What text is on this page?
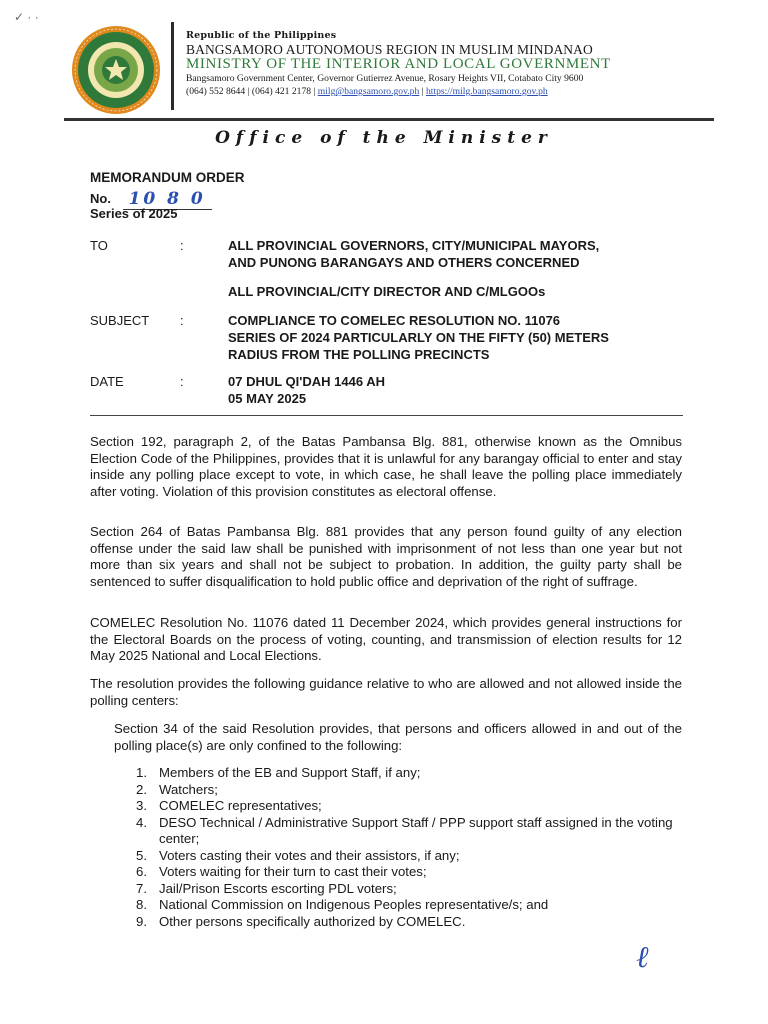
✓ · ·
Republic of the Philippines
BANGSAMORO AUTONOMOUS REGION IN MUSLIM MINDANAO
MINISTRY OF THE INTERIOR AND LOCAL GOVERNMENT
Bangsamoro Government Center, Governor Gutierrez Avenue, Rosary Heights VII, Cotabato City 9600
(064) 552 8644 | (064) 421 2178 | milg@bangsamoro.gov.ph | https://milg.bangsamoro.gov.ph
Office of the Minister
MEMORANDUM ORDER
No. 10 8 0
Series of 2025
TO	:	ALL PROVINCIAL GOVERNORS, CITY/MUNICIPAL MAYORS,
AND PUNONG BARANGAYS AND OTHERS CONCERNED
ALL PROVINCIAL/CITY DIRECTOR AND C/MLGOOs
SUBJECT :	COMPLIANCE TO COMELEC RESOLUTION NO. 11076
SERIES OF 2024 PARTICULARLY ON THE FIFTY (50) METERS
RADIUS FROM THE POLLING PRECINCTS
DATE	:	07 DHUL QI'DAH 1446 AH
05 MAY 2025
Section 192, paragraph 2, of the Batas Pambansa Blg. 881, otherwise known as the Omnibus Election Code of the Philippines, provides that it is unlawful for any barangay official to enter and stay inside any polling place except to vote, in which case, he shall leave the polling place immediately after voting. Violation of this provision constitutes as electoral offense.
Section 264 of Batas Pambansa Blg. 881 provides that any person found guilty of any election offense under the said law shall be punished with imprisonment of not less than one year but not more than six years and shall not be subject to probation. In addition, the guilty party shall be sentenced to suffer disqualification to hold public office and deprivation of the right of suffrage.
COMELEC Resolution No. 11076 dated 11 December 2024, which provides general instructions for the Electoral Boards on the process of voting, counting, and transmission of election results for 12 May 2025 National and Local Elections.
The resolution provides the following guidance relative to who are allowed and not allowed inside the polling centers:
Section 34 of the said Resolution provides, that persons and officers allowed in and out of the polling place(s) are only confined to the following:
1. Members of the EB and Support Staff, if any;
2. Watchers;
3. COMELEC representatives;
4. DESO Technical / Administrative Support Staff / PPP support staff assigned in the voting center;
5. Voters casting their votes and their assistors, if any;
6. Voters waiting for their turn to cast their votes;
7. Jail/Prison Escorts escorting PDL voters;
8. National Commission on Indigenous Peoples representative/s; and
9. Other persons specifically authorized by COMELEC.
ℓ
